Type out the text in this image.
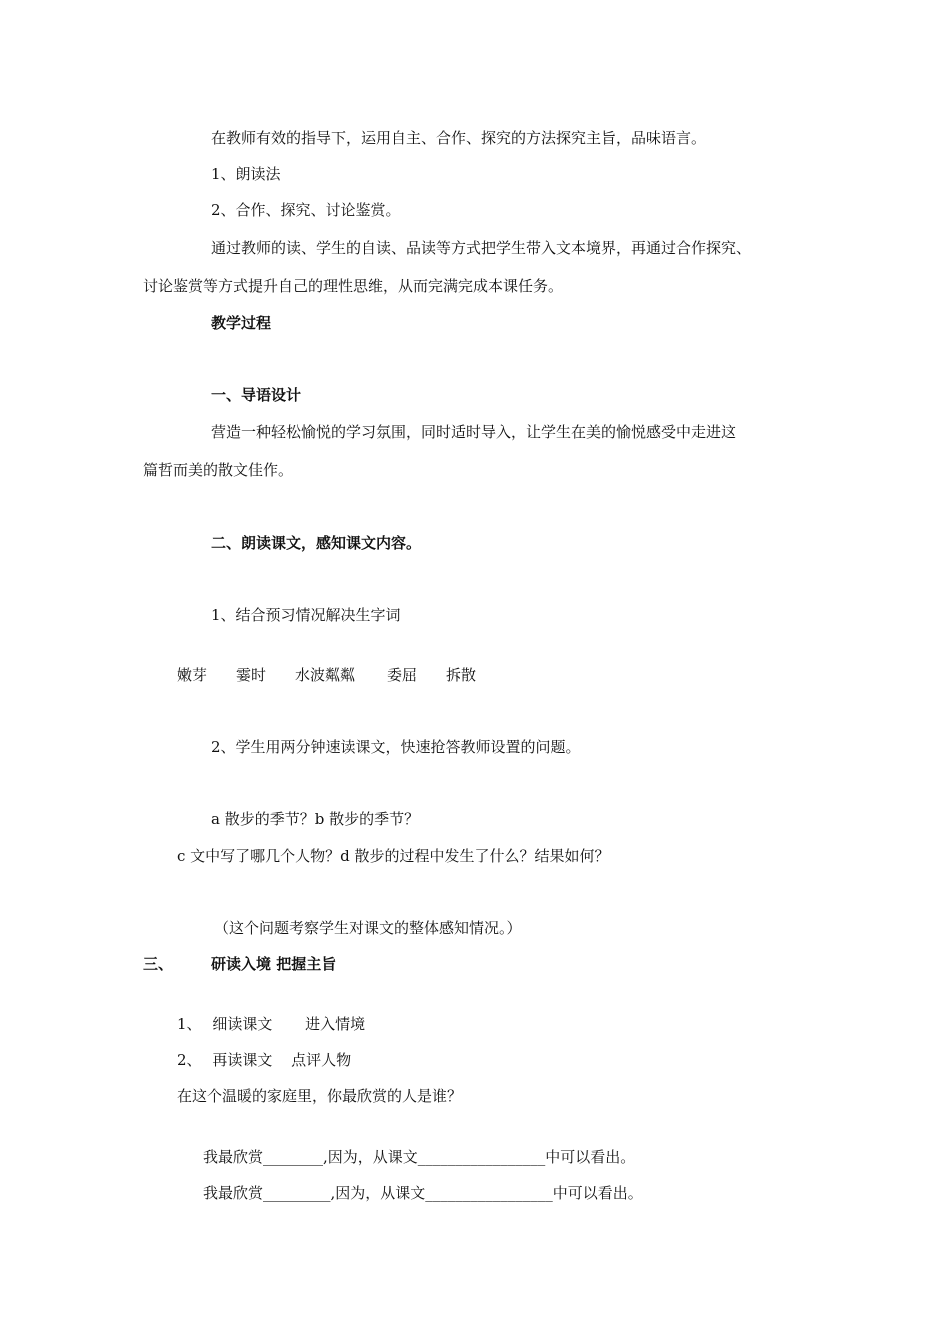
在教师有效的指导下，运用自主、合作、探究的方法探究主旨，品味语言。

1、朗读法

2、合作、探究、讨论鉴赏。

通过教师的读、学生的自读、品读等方式把学生带入文本境界，再通过合作探究、

讨论鉴赏等方式提升自己的理性思维，从而完满完成本课任务。

教学过程

一、导语设计

营造一种轻松愉悦的学习氛围，同时适时导入，让学生在美的愉悦感受中走进这

篇哲而美的散文佳作。

二、朗读课文，感知课文内容。

1、结合预习情况解决生字词

嫩芽 霎时 水波粼粼 委屈 拆散

2、学生用两分钟速读课文，快速抢答教师设置的问题。

a 散步的季节？b 散步的季节？

c 文中写了哪几个人物？d 散步的过程中发生了什么？结果如何？

（这个问题考察学生对课文的整体感知情况。）

三、	研读入境 把握主旨

1、 细读课文 进入情境

2、 再读课文 点评人物

在这个温暖的家庭里，你最欣赏的人是谁？

我最欣赏________,因为，从课文_________________中可以看出。

我最欣赏_________,因为，从课文_________________中可以看出。
